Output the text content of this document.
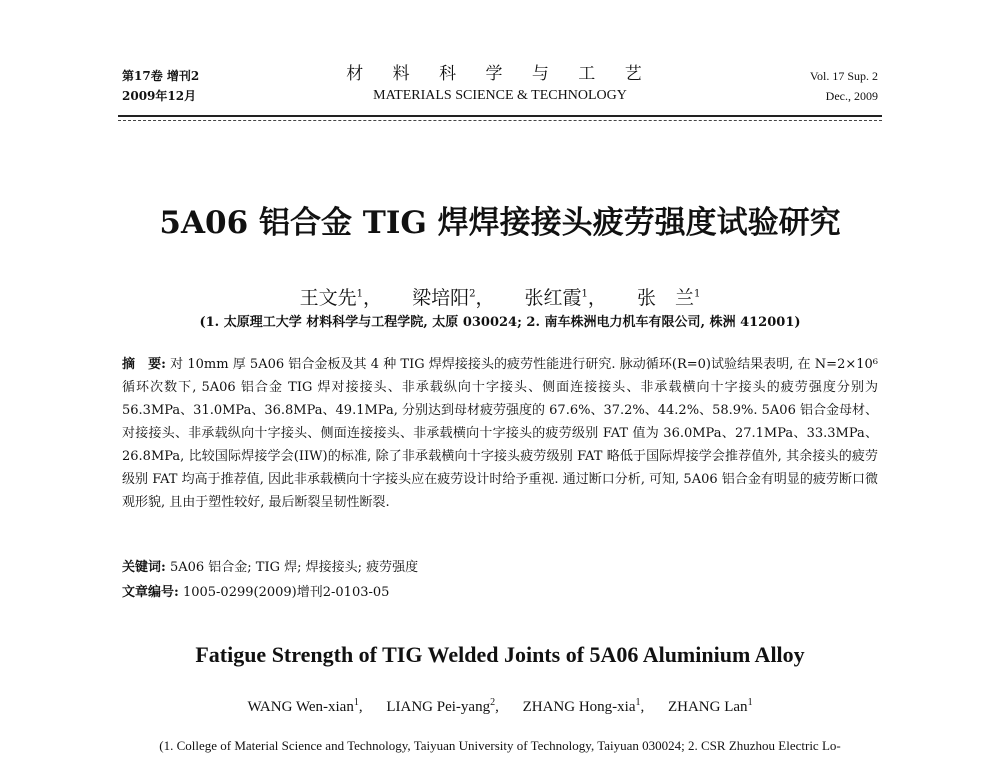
第17卷 增刊2
2009年12月
材 料 科 学 与 工 艺
MATERIALS SCIENCE & TECHNOLOGY
Vol. 17 Sup. 2
Dec., 2009
5A06 铝合金 TIG 焊焊接接头疲劳强度试验研究
王文先$^1$， 梁培阳$^2$， 张红霞$^1$， 张　兰$^1$
(1. 太原理工大学 材料科学与工程学院, 太原 030024; 2. 南车株洲电力机车有限公司, 株洲 412001)
摘　要: 对 10mm 厚 5A06 铝合金板及其 4 种 TIG 焊焊接接头的疲劳性能进行研究. 脉动循环(R=0)试验结果表明, 在 N=2×10⁶ 循环次数下, 5A06 铝合金 TIG 焊对接接头、非承载纵向十字接头、侧面连接接头、非承载横向十字接头的疲劳强度分别为 56.3MPa、31.0MPa、36.8MPa、49.1MPa, 分别达到母材疲劳强度的 67.6%、37.2%、44.2%、58.9%. 5A06 铝合金母材、对接接头、非承载纵向十字接头、侧面连接接头、非承载横向十字接头的疲劳级别 FAT 值为 36.0MPa、27.1MPa、33.3MPa、26.8MPa, 比较国际焊接学会(IIW)的标准, 除了非承载横向十字接头疲劳级别 FAT 略低于国际焊接学会推荐值外, 其余接头的疲劳级别 FAT 均高于推荐值, 因此非承载横向十字接头应在疲劳设计时给予重视. 通过断口分析, 可知, 5A06 铝合金有明显的疲劳断口微观形貌, 且由于塑性较好, 最后断裂呈韧性断裂.
关键词: 5A06 铝合金; TIG 焊; 焊接接头; 疲劳强度
文章编号: 1005-0299(2009)增刊2-0103-05
Fatigue Strength of TIG Welded Joints of 5A06 Aluminium Alloy
WANG Wen-xian$^1$, LIANG Pei-yang$^2$, ZHANG Hong-xia$^1$, ZHANG Lan$^1$
(1. College of Material Science and Technology, Taiyuan University of Technology, Taiyuan 030024; 2. CSR Zhuzhou Electric Lo-
